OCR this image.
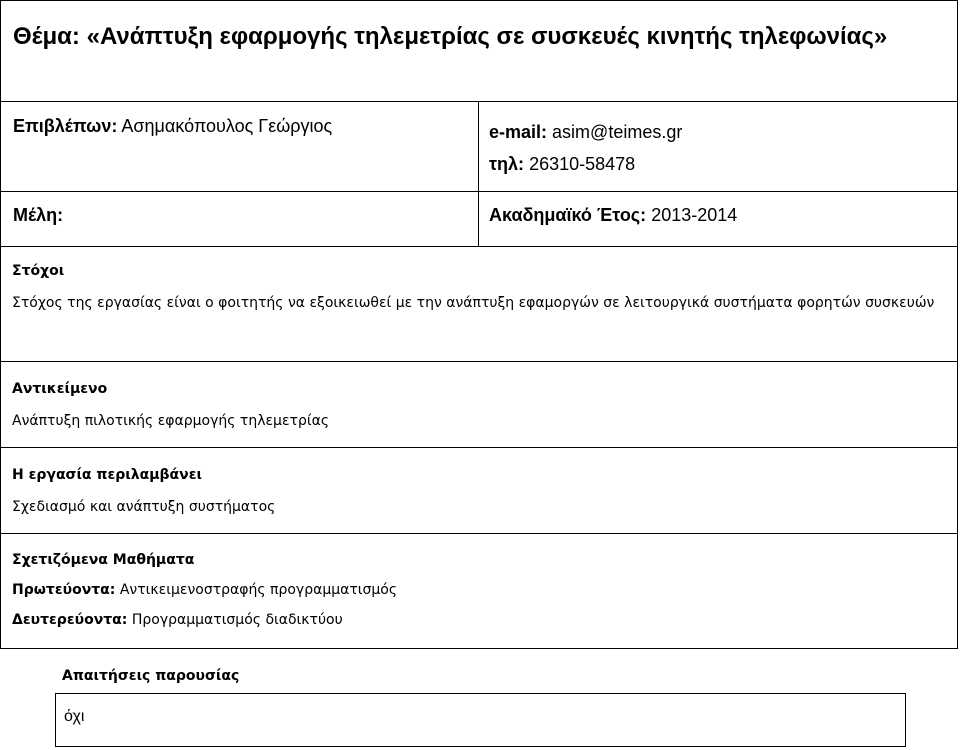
Θέμα: «Ανάπτυξη εφαρμογής τηλεμετρίας σε συσκευές κινητής τηλεφωνίας»
Επιβλέπων: Ασημακόπουλος Γεώργιος	e-mail: asim@teimes.gr
τηλ: 26310-58478
Μέλη:	Ακαδημαϊκό Έτος: 2013-2014
Στόχοι
Στόχος της εργασίας είναι ο φοιτητής να εξοικειωθεί με την ανάπτυξη εφαμοργών σε λειτουργικά συστήματα φορητών συσκευών
Αντικείμενο
Ανάπτυξη πιλοτικής εφαρμογής τηλεμετρίας
Η εργασία περιλαμβάνει
Σχεδιασμό και ανάπτυξη συστήματος
Σχετιζόμενα Μαθήματα
Πρωτεύοντα: Αντικειμενοστραφής προγραμματισμός
Δευτερεύοντα: Προγραμματισμός διαδικτύου
Απαιτήσεις παρουσίας
όχι
